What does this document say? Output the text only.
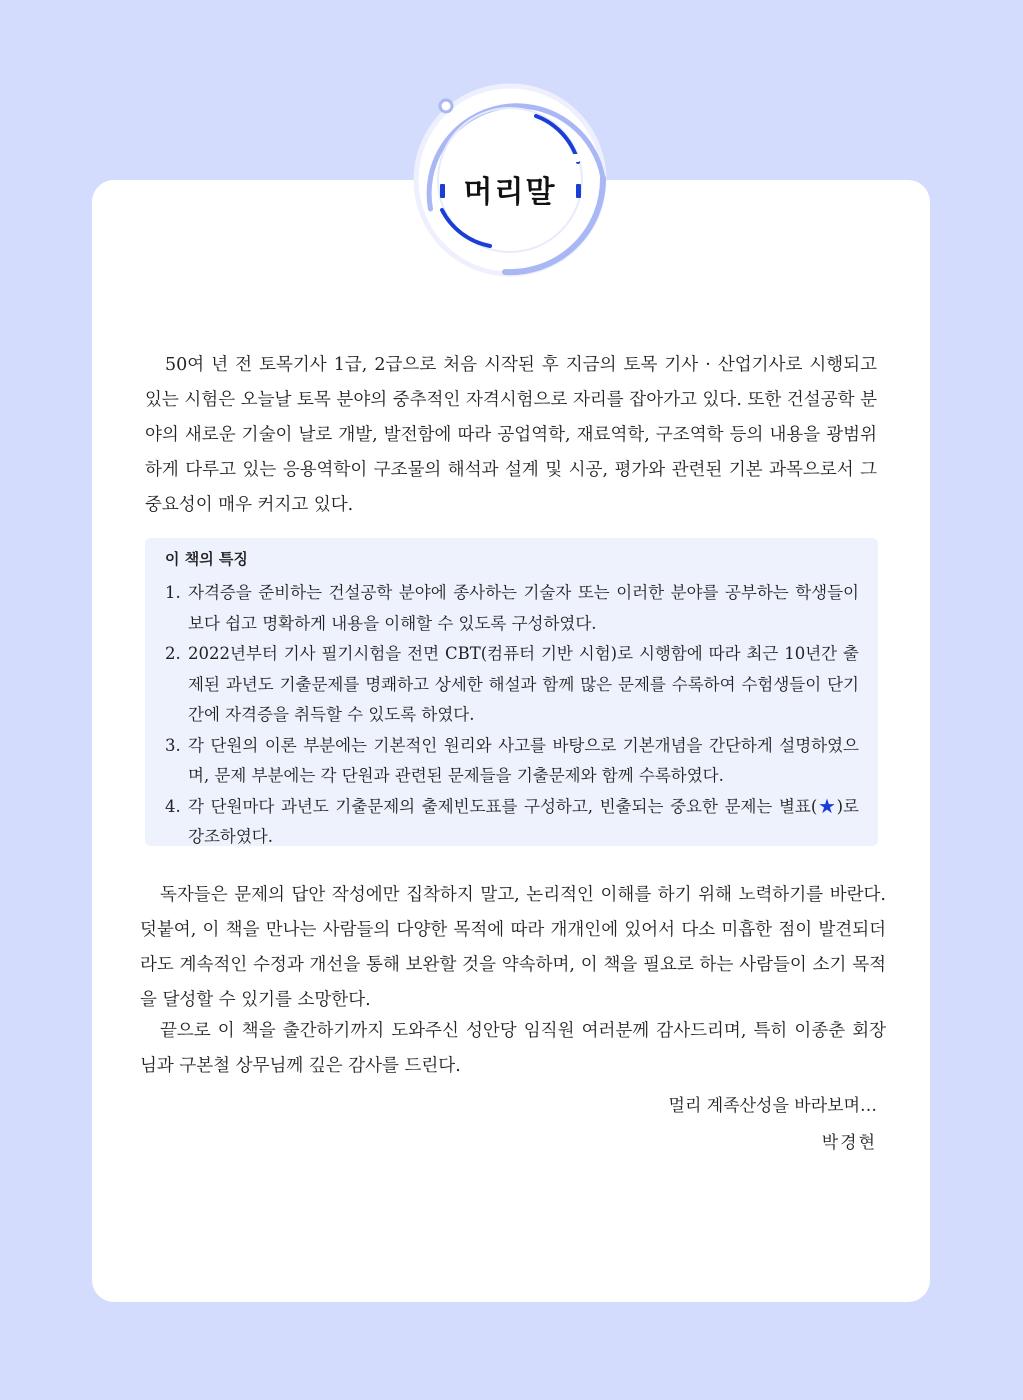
머리말

50여 년 전 토목기사 1급, 2급으로 처음 시작된 후 지금의 토목 기사 · 산업기사로 시행되고 있는 시험은 오늘날 토목 분야의 중추적인 자격시험으로 자리를 잡아가고 있다. 또한 건설공학 분야의 새로운 기술이 날로 개발, 발전함에 따라 공업역학, 재료역학, 구조역학 등의 내용을 광범위하게 다루고 있는 응용역학이 구조물의 해석과 설계 및 시공, 평가와 관련된 기본 과목으로서 그 중요성이 매우 커지고 있다.

이 책의 특징
1. 자격증을 준비하는 건설공학 분야에 종사하는 기술자 또는 이러한 분야를 공부하는 학생들이 보다 쉽고 명확하게 내용을 이해할 수 있도록 구성하였다.
2. 2022년부터 기사 필기시험을 전면 CBT(컴퓨터 기반 시험)로 시행함에 따라 최근 10년간 출제된 과년도 기출문제를 명쾌하고 상세한 해설과 함께 많은 문제를 수록하여 수험생들이 단기간에 자격증을 취득할 수 있도록 하였다.
3. 각 단원의 이론 부분에는 기본적인 원리와 사고를 바탕으로 기본개념을 간단하게 설명하였으며, 문제 부분에는 각 단원과 관련된 문제들을 기출문제와 함께 수록하였다.
4. 각 단원마다 과년도 기출문제의 출제빈도표를 구성하고, 빈출되는 중요한 문제는 별표(★)로 강조하였다.

독자들은 문제의 답안 작성에만 집착하지 말고, 논리적인 이해를 하기 위해 노력하기를 바란다. 덧붙여, 이 책을 만나는 사람들의 다양한 목적에 따라 개개인에 있어서 다소 미흡한 점이 발견되더라도 계속적인 수정과 개선을 통해 보완할 것을 약속하며, 이 책을 필요로 하는 사람들이 소기 목적을 달성할 수 있기를 소망한다.

끝으로 이 책을 출간하기까지 도와주신 성안당 임직원 여러분께 감사드리며, 특히 이종춘 회장님과 구본철 상무님께 깊은 감사를 드린다.

멀리 계족산성을 바라보며…
박경현
